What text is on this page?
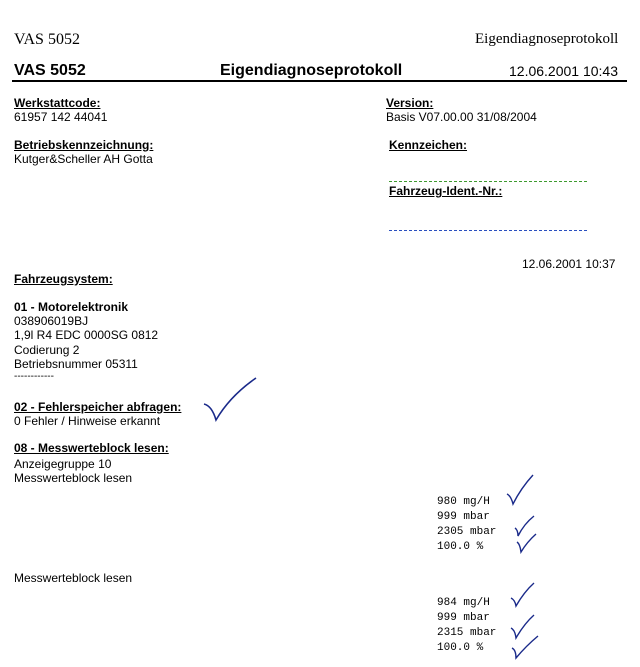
VAS 5052	Eigendiagnoseprotokoll
VAS 5052	Eigendiagnoseprotokoll	12.06.2001 10:43
Werkstattcode:
61957 142 44041
Version:
Basis V07.00.00 31/08/2004
Betriebskennzeichnung:
Kutger&Scheller AH Gotta
Kennzeichen:
Fahrzeug-Ident.-Nr.:
12.06.2001 10:37
Fahrzeugsystem:
01 - Motorelektronik
038906019BJ
1,9l R4 EDC 0000SG 0812
Codierung 2
Betriebsnummer 05311
------------
02 - Fehlerspeicher abfragen:
0 Fehler / Hinweise erkannt
08 - Messwerteblock lesen:
Anzeigegruppe 10
Messwerteblock lesen
980 mg/H
999 mbar
2305 mbar
100.0 %
Messwerteblock lesen
984 mg/H
999 mbar
2315 mbar
100.0 %
